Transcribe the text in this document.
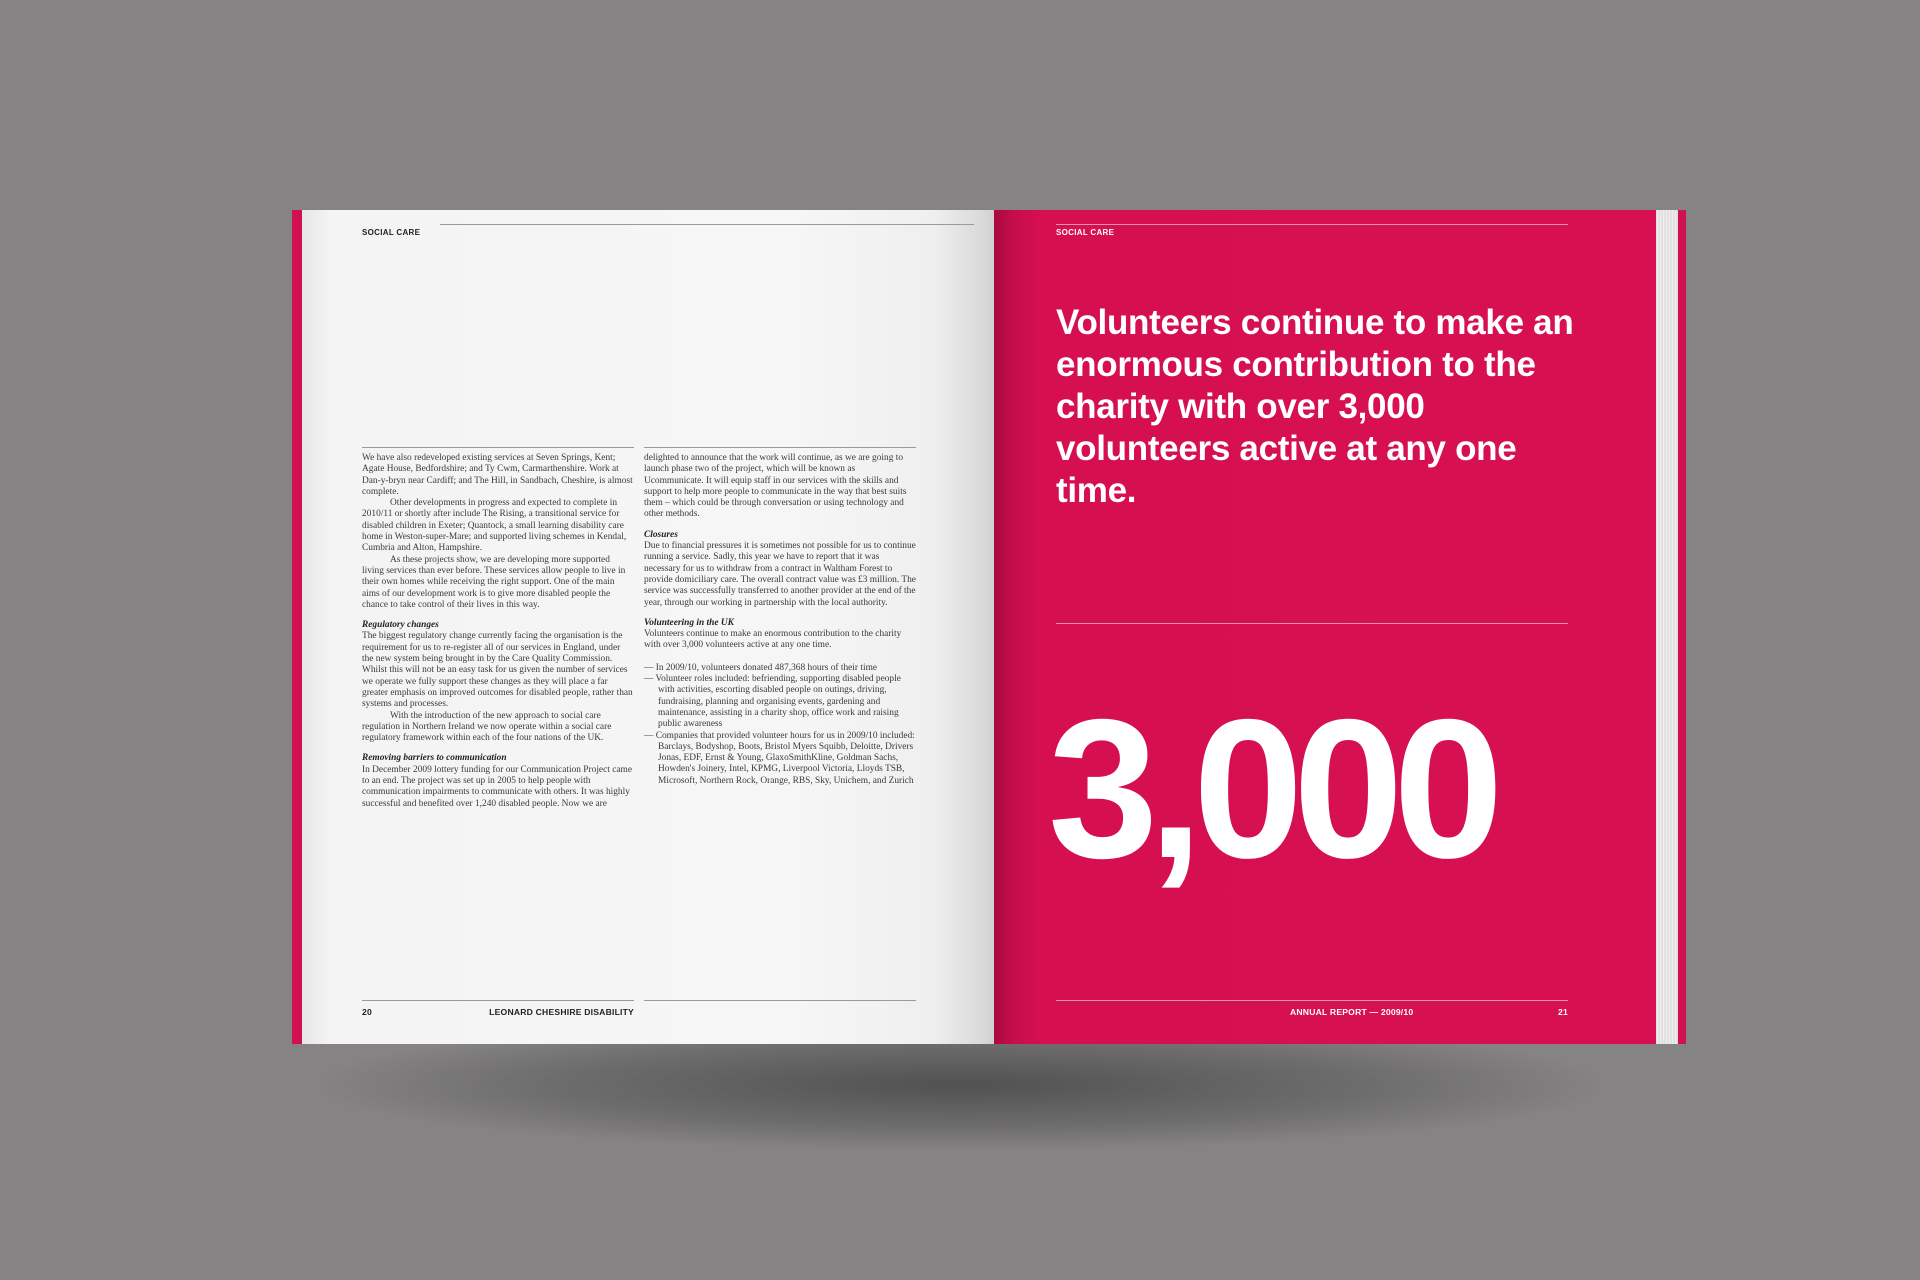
SOCIAL CARE

We have also redeveloped existing services at Seven Springs, Kent; Agate House, Bedfordshire; and Ty Cwm, Carmarthenshire. Work at Dan-y-bryn near Cardiff; and The Hill, in Sandbach, Cheshire, is almost complete.

Other developments in progress and expected to complete in 2010/11 or shortly after include The Rising, a transitional service for disabled children in Exeter; Quantock, a small learning disability care home in Weston-super-Mare; and supported living schemes in Kendal, Cumbria and Alton, Hampshire.

As these projects show, we are developing more supported living services than ever before. These services allow people to live in their own homes while receiving the right support. One of the main aims of our development work is to give more disabled people the chance to take control of their lives in this way.

Regulatory changes

The biggest regulatory change currently facing the organisation is the requirement for us to re-register all of our services in England, under the new system being brought in by the Care Quality Commission. Whilst this will not be an easy task for us given the number of services we operate we fully support these changes as they will place a far greater emphasis on improved outcomes for disabled people, rather than systems and processes.

With the introduction of the new approach to social care regulation in Northern Ireland we now operate within a social care regulatory framework within each of the four nations of the UK.

Removing barriers to communication

In December 2009 lottery funding for our Communication Project came to an end. The project was set up in 2005 to help people with communication impairments to communicate with others. It was highly successful and benefited over 1,240 disabled people. Now we are

delighted to announce that the work will continue, as we are going to launch phase two of the project, which will be known as Ucommunicate. It will equip staff in our services with the skills and support to help more people to communicate in the way that best suits them – which could be through conversation or using technology and other methods.

Closures

Due to financial pressures it is sometimes not possible for us to continue running a service. Sadly, this year we have to report that it was necessary for us to withdraw from a contract in Waltham Forest to provide domiciliary care. The overall contract value was £3 million. The service was successfully transferred to another provider at the end of the year, through our working in partnership with the local authority.

Volunteering in the UK

Volunteers continue to make an enormous contribution to the charity with over 3,000 volunteers active at any one time.

— In 2009/10, volunteers donated 487,368 hours of their time

— Volunteer roles included: befriending, supporting disabled people with activities, escorting disabled people on outings, driving, fundraising, planning and organising events, gardening and maintenance, assisting in a charity shop, office work and raising public awareness

— Companies that provided volunteer hours for us in 2009/10 included: Barclays, Bodyshop, Boots, Bristol Myers Squibb, Deloitte, Drivers Jonas, EDF, Ernst & Young, GlaxoSmithKline, Goldman Sachs, Howden's Joinery, Intel, KPMG, Liverpool Victoria, Lloyds TSB, Microsoft, Northern Rock, Orange, RBS, Sky, Unichem, and Zurich

20	LEONARD CHESHIRE DISABILITY
SOCIAL CARE
ANNUAL REPORT — 2009/10	21
Volunteers continue to make an enormous contribution to the charity with over 3,000 volunteers active at any one time.
3,000
